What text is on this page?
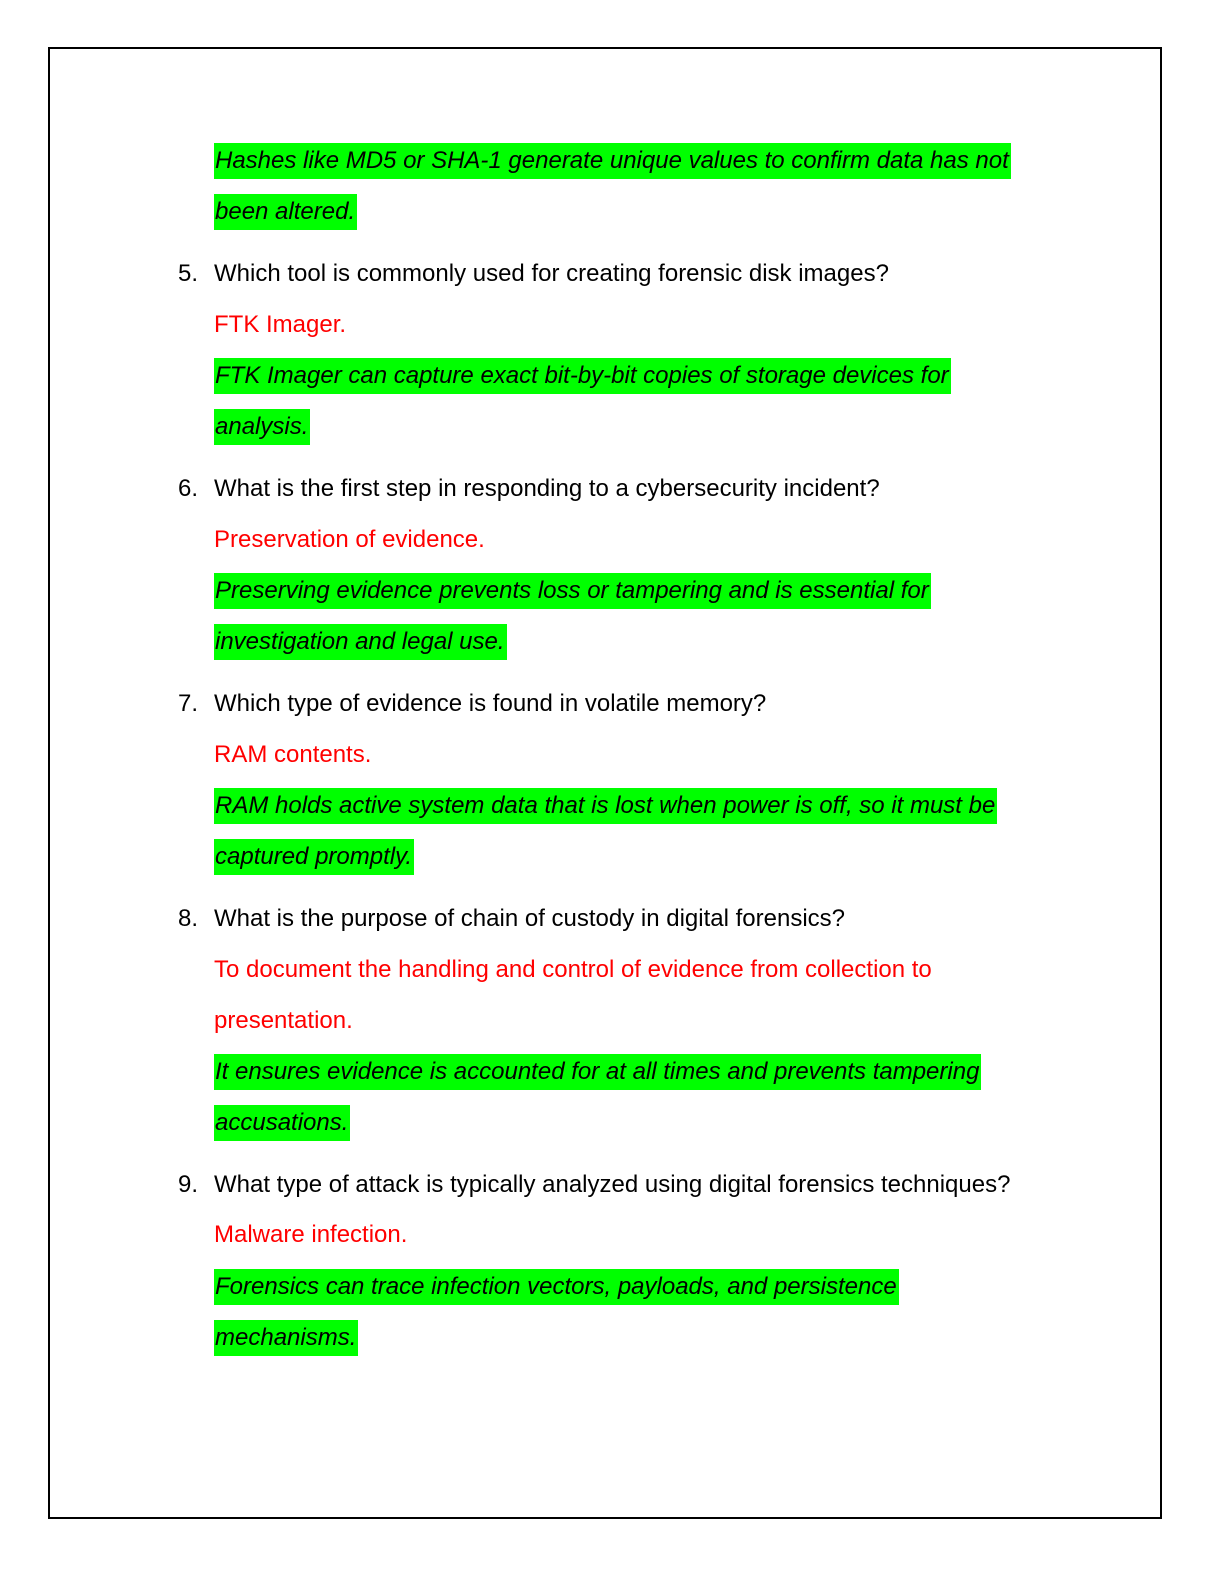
Hashes like MD5 or SHA-1 generate unique values to confirm data has not
been altered.
5. Which tool is commonly used for creating forensic disk images?
FTK Imager.
FTK Imager can capture exact bit-by-bit copies of storage devices for
analysis.
6. What is the first step in responding to a cybersecurity incident?
Preservation of evidence.
Preserving evidence prevents loss or tampering and is essential for
investigation and legal use.
7. Which type of evidence is found in volatile memory?
RAM contents.
RAM holds active system data that is lost when power is off, so it must be
captured promptly.
8. What is the purpose of chain of custody in digital forensics?
To document the handling and control of evidence from collection to
presentation.
It ensures evidence is accounted for at all times and prevents tampering
accusations.
9. What type of attack is typically analyzed using digital forensics techniques?
Malware infection.
Forensics can trace infection vectors, payloads, and persistence
mechanisms.
